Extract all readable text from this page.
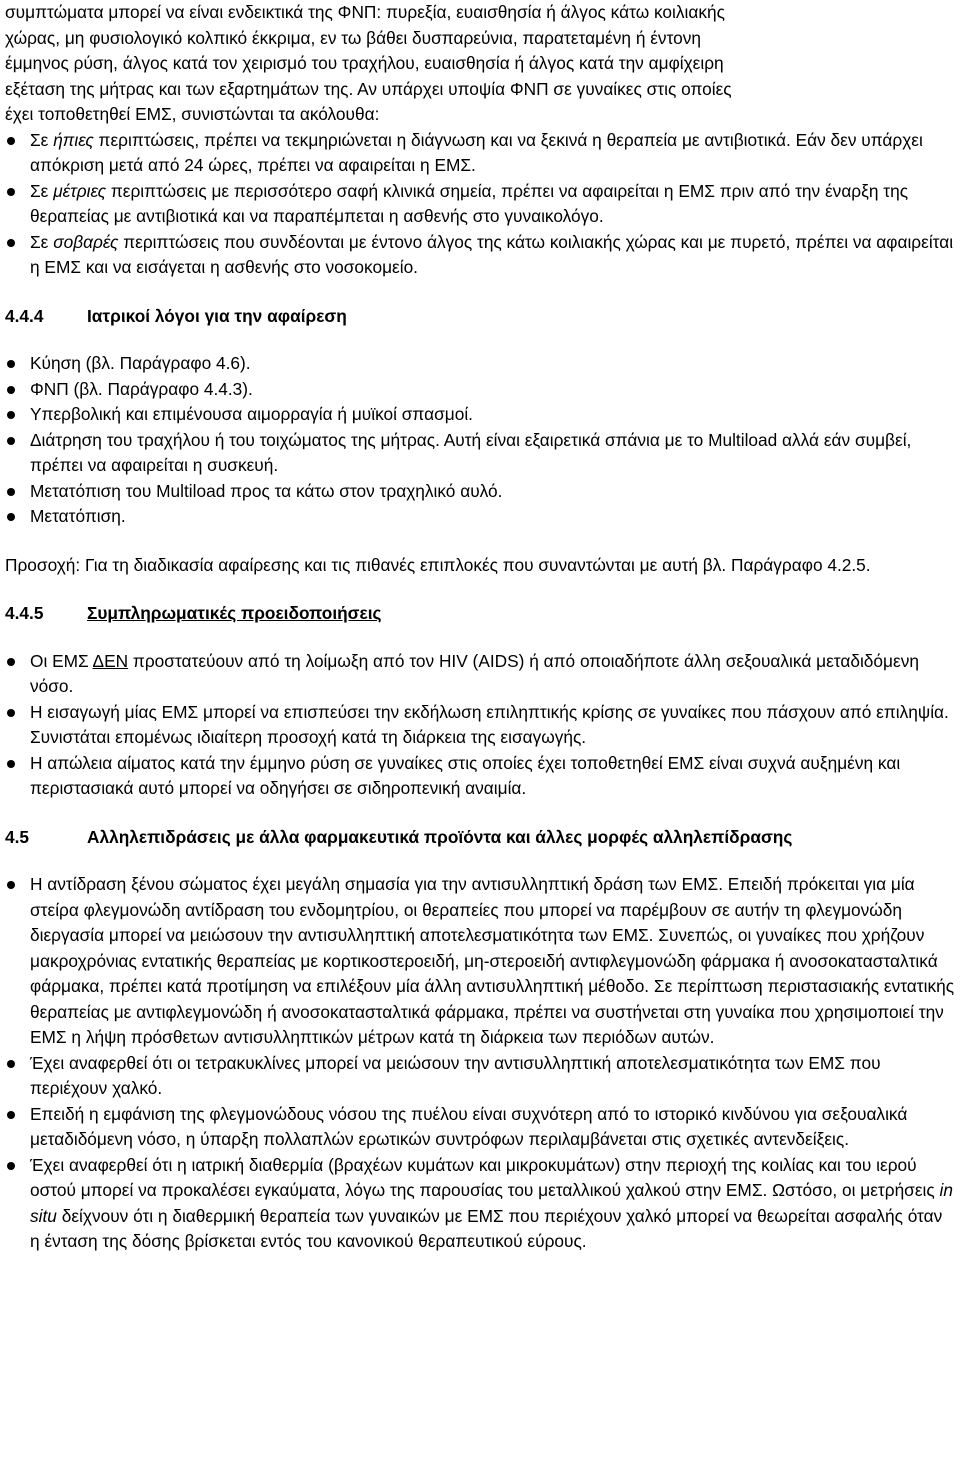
συμπτώματα μπορεί να είναι ενδεικτικά της ΦΝΠ: πυρεξία, ευαισθησία ή άλγος κάτω κοιλιακής
χώρας, μη φυσιολογικό κολπικό έκκριμα, εν τω βάθει δυσπαρεύνια, παρατεταμένη ή έντονη
έμμηνος ρύση, άλγος κατά τον χειρισμό του τραχήλου, ευαισθησία ή άλγος κατά την αμφίχειρη
εξέταση της μήτρας και των εξαρτημάτων της. Αν υπάρχει υποψία ΦΝΠ σε γυναίκες στις οποίες
έχει τοποθετηθεί ΕΜΣ, συνιστώνται τα ακόλουθα:

Σε ήπιες περιπτώσεις, πρέπει να τεκμηριώνεται η διάγνωση και να ξεκινά η θεραπεία με αντιβιοτικά. Εάν δεν υπάρχει απόκριση μετά από 24 ώρες, πρέπει να αφαιρείται η ΕΜΣ.
Σε μέτριες περιπτώσεις με περισσότερο σαφή κλινικά σημεία, πρέπει να αφαιρείται η ΕΜΣ πριν από την έναρξη της θεραπείας με αντιβιοτικά και να παραπέμπεται η ασθενής στο γυναικολόγο.
Σε σοβαρές περιπτώσεις που συνδέονται με έντονο άλγος της κάτω κοιλιακής χώρας και με πυρετό, πρέπει να αφαιρείται η ΕΜΣ και να εισάγεται η ασθενής στο νοσοκομείο.
4.4.4	Ιατρικοί λόγοι για την αφαίρεση
Κύηση (βλ. Παράγραφο 4.6).
ΦΝΠ (βλ. Παράγραφο 4.4.3).
Υπερβολική και επιμένουσα αιμορραγία ή μυϊκοί σπασμοί.
Διάτρηση του τραχήλου ή του τοιχώματος της μήτρας. Αυτή είναι εξαιρετικά σπάνια με το Multiload αλλά εάν συμβεί, πρέπει να αφαιρείται η συσκευή.
Μετατόπιση του Multiload προς τα κάτω στον τραχηλικό αυλό.
Μετατόπιση.

Προσοχή: Για τη διαδικασία αφαίρεσης και τις πιθανές επιπλοκές που συναντώνται με αυτή βλ. Παράγραφο 4.2.5.

4.4.5	Συμπληρωματικές προειδοποιήσεις
Οι ΕΜΣ ΔΕΝ προστατεύουν από τη λοίμωξη από τον HIV (AIDS) ή από οποιαδήποτε άλλη σεξουαλικά μεταδιδόμενη νόσο.
Η εισαγωγή μίας ΕΜΣ μπορεί να επισπεύσει την εκδήλωση επιληπτικής κρίσης σε γυναίκες που πάσχουν από επιληψία. Συνιστάται επομένως ιδιαίτερη προσοχή κατά τη διάρκεια της εισαγωγής.
Η απώλεια αίματος κατά την έμμηνο ρύση σε γυναίκες στις οποίες έχει τοποθετηθεί ΕΜΣ είναι συχνά αυξημένη και περιστασιακά αυτό μπορεί να οδηγήσει σε σιδηροπενική αναιμία.
4.5	Αλληλεπιδράσεις με άλλα φαρμακευτικά προϊόντα και άλλες μορφές αλληλεπίδρασης
Η αντίδραση ξένου σώματος έχει μεγάλη σημασία για την αντισυλληπτική δράση των ΕΜΣ. Επειδή πρόκειται για μία στείρα φλεγμονώδη αντίδραση του ενδομητρίου, οι θεραπείες που μπορεί να παρέμβουν σε αυτήν τη φλεγμονώδη διεργασία μπορεί να μειώσουν την αντισυλληπτική αποτελεσματικότητα των ΕΜΣ. Συνεπώς, οι γυναίκες που χρήζουν μακροχρόνιας εντατικής θεραπείας με κορτικοστεροειδή, μη-στεροειδή αντιφλεγμονώδη φάρμακα ή ανοσοκατασταλτικά φάρμακα, πρέπει κατά προτίμηση να επιλέξουν μία άλλη αντισυλληπτική μέθοδο. Σε περίπτωση περιστασιακής εντατικής θεραπείας με αντιφλεγμονώδη ή ανοσοκατασταλτικά φάρμακα, πρέπει να συστήνεται στη γυναίκα που χρησιμοποιεί την ΕΜΣ η λήψη πρόσθετων αντισυλληπτικών μέτρων κατά τη διάρκεια των περιόδων αυτών.
Έχει αναφερθεί ότι οι τετρακυκλίνες μπορεί να μειώσουν την αντισυλληπτική αποτελεσματικότητα των ΕΜΣ που περιέχουν χαλκό.
Επειδή η εμφάνιση της φλεγμονώδους νόσου της πυέλου είναι συχνότερη από το ιστορικό κινδύνου για σεξουαλικά μεταδιδόμενη νόσο, η ύπαρξη πολλαπλών ερωτικών συντρόφων περιλαμβάνεται στις σχετικές αντενδείξεις.
Έχει αναφερθεί ότι η ιατρική διαθερμία (βραχέων κυμάτων και μικροκυμάτων) στην περιοχή της κοιλίας και του ιερού οστού μπορεί να προκαλέσει εγκαύματα, λόγω της παρουσίας του μεταλλικού χαλκού στην ΕΜΣ. Ωστόσο, οι μετρήσεις in situ δείχνουν ότι η διαθερμική θεραπεία των γυναικών με ΕΜΣ που περιέχουν χαλκό μπορεί να θεωρείται ασφαλής όταν η ένταση της δόσης βρίσκεται εντός του κανονικού θεραπευτικού εύρους.
